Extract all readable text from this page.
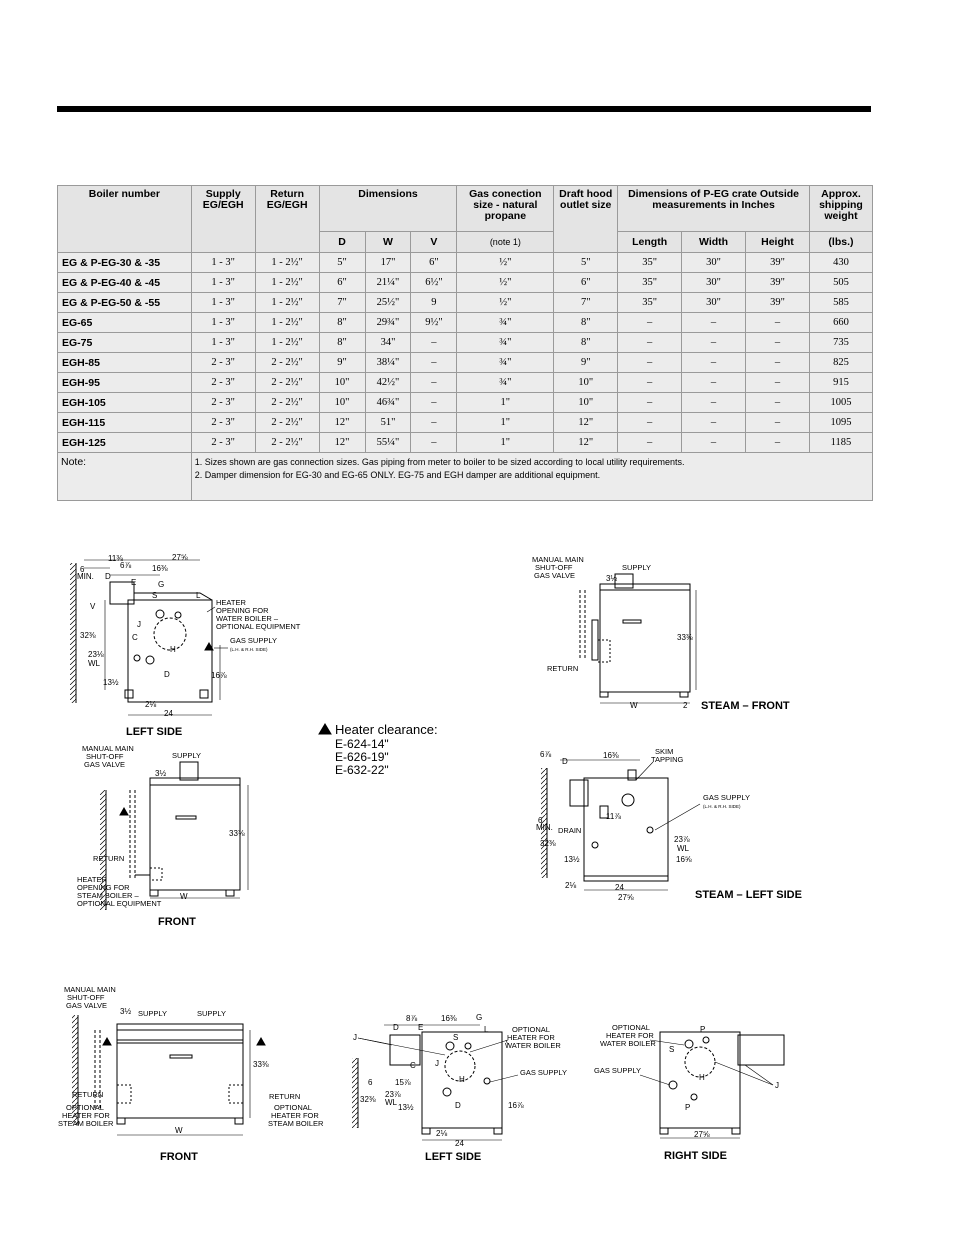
Boiler number	Supply EG/EGH	Return EG/EGH	Dimensions			Gas conection size - natural propane	Draft hood outlet size	Dimensions of P-EG crate Outside measurements in Inches			Approx. shipping weight
			D	W	V	(note 1)		Length	Width	Height	(lbs.)
EG & P-EG-30 & -35	1 - 3"	1 - 2½"	5"	17"	6"	½"	5"	35"	30"	39"	430
EG & P-EG-40 & -45	1 - 3"	1 - 2½"	6"	21¼"	6½"	½"	6"	35"	30"	39"	505
EG & P-EG-50 & -55	1 - 3"	1 - 2½"	7"	25½"	9	½"	7"	35"	30"	39"	585
EG-65	1 - 3"	1 - 2½"	8"	29¾"	9½"	¾"	8"	–	–	–	660
EG-75	1 - 3"	1 - 2½"	8"	34"	–	¾"	8"	–	–	–	735
EGH-85	2 - 3"	2 - 2½"	9"	38¼"	–	¾"	9"	–	–	–	825
EGH-95	2 - 3"	2 - 2½"	10"	42½"	–	¾"	10"	–	–	–	915
EGH-105	2 - 3"	2 - 2½"	10"	46¾"	–	1"	10"	–	–	–	1005
EGH-115	2 - 3"	2 - 2½"	12"	51"	–	1"	12"	–	–	–	1095
EGH-125	2 - 3"	2 - 2½"	12"	55¼"	–	1"	12"	–	–	–	1185
Note:	1. Sizes shown are gas connection sizes. Gas piping from meter to boiler to be sized according to local utility requirements.
2. Damper dimension for EG-30 and EG-65 ONLY. EG-75 and EGH damper are additional equipment.										
27⅝
11⅜
6⅞	16⅜
6
MIN. D
E	G
S	L
C
J
H
D
32⅜
23⅛
WL
13½
16⅞
2⅛
24
V	HEATER OPENING FOR WATER BOILER – OPTIONAL EQUIPMENT
GAS SUPPLY
(L.H. & R.H. SIDE)
LEFT SIDE
33⅜
3½
W
MANUAL MAIN SHUT-OFF GAS VALVE
SUPPLY
RETURN
HEATER OPENING FOR STEAM BOILER – OPTIONAL EQUIPMENT
FRONT
Heater clearance:
E-624-14"
E-626-19"
E-632-22"
33⅜
3½
W	2
MANUAL MAIN SHUT-OFF GAS VALVE
SUPPLY
RETURN
STEAM – FRONT
6⅞
D
16⅜
11⅞
6
MIN.
32⅜
13½
23⅞
WL
16⅝
2⅛	24
27⅝
SKIM TAPPING
GAS SUPPLY
(L.H. & R.H. SIDE)
DRAIN
STEAM – LEFT SIDE
33⅜
3½
W
MANUAL MAIN SHUT-OFF GAS VALVE
SUPPLY	SUPPLY
RETURN	RETURN
OPTIONAL HEATER FOR STEAM BOILER
OPTIONAL HEATER FOR STEAM BOILER
FRONT
8⅞	16⅜ G
D E
S
L
J
J
H
D
C
15⅞
6
32⅜
23⅞
WL
13½	16⅞
2⅛
24
OPTIONAL HEATER FOR WATER BOILER
GAS SUPPLY
LEFT SIDE
P
S
H
P
J
27⅝
OPTIONAL HEATER FOR WATER BOILER
GAS SUPPLY
RIGHT SIDE
